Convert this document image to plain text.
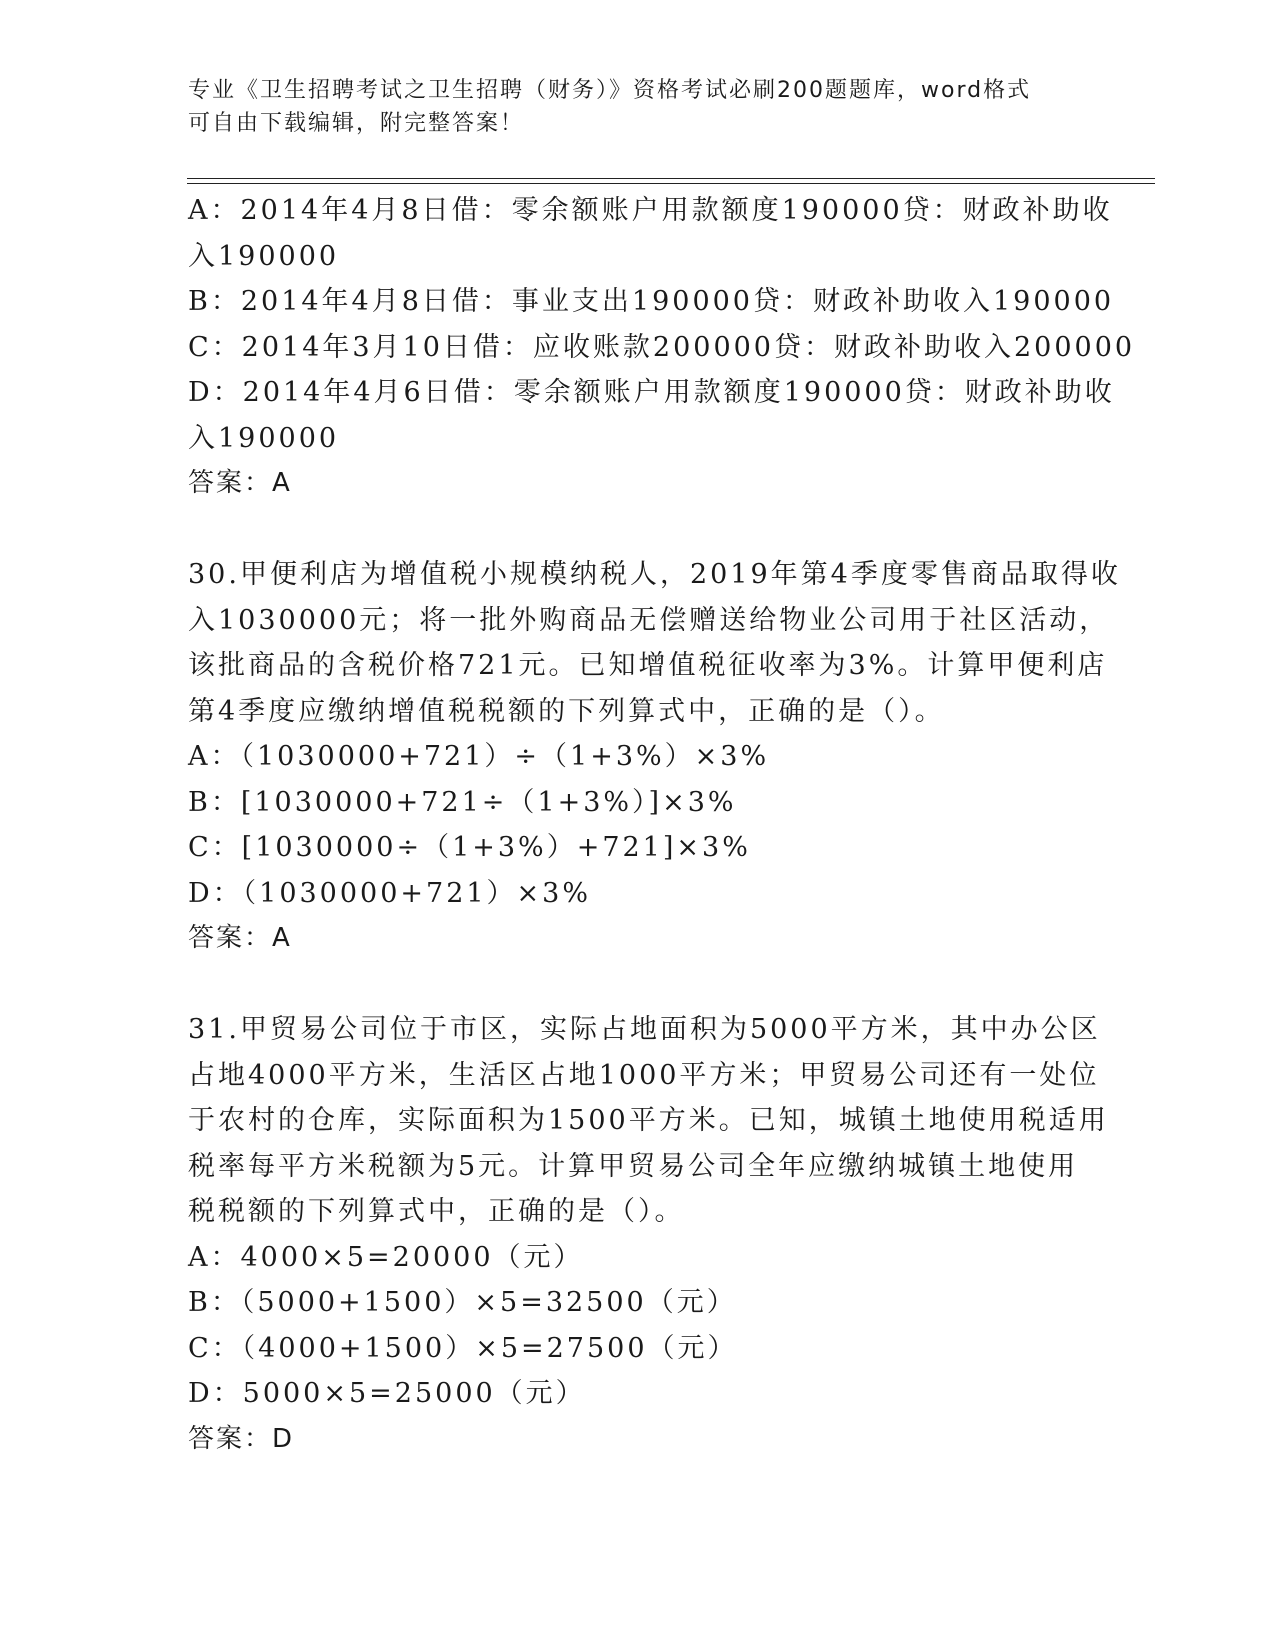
专业《卫生招聘考试之卫生招聘（财务）》资格考试必刷200题题库，word格式
可自由下载编辑，附完整答案！
A：2014年4月8日借：零余额账户用款额度190000贷：财政补助收
入190000
B：2014年4月8日借：事业支出190000贷：财政补助收入190000
C：2014年3月10日借：应收账款200000贷：财政补助收入200000
D：2014年4月6日借：零余额账户用款额度190000贷：财政补助收
入190000
答案：A
30.甲便利店为增值税小规模纳税人，2019年第4季度零售商品取得收
入1030000元；将一批外购商品无偿赠送给物业公司用于社区活动，
该批商品的含税价格721元。已知增值税征收率为3%。计算甲便利店
第4季度应缴纳增值税税额的下列算式中，正确的是（）。
A：（1030000+721）÷（1+3%）×3%
B：[1030000+721÷（1+3%）]×3%
C：[1030000÷（1+3%）+721]×3%
D：（1030000+721）×3%
答案：A
31.甲贸易公司位于市区，实际占地面积为5000平方米，其中办公区
占地4000平方米，生活区占地1000平方米；甲贸易公司还有一处位
于农村的仓库，实际面积为1500平方米。已知，城镇土地使用税适用
税率每平方米税额为5元。计算甲贸易公司全年应缴纳城镇土地使用
税税额的下列算式中，正确的是（）。
A：4000×5=20000（元）
B：（5000+1500）×5=32500（元）
C：（4000+1500）×5=27500（元）
D：5000×5=25000（元）
答案：D
